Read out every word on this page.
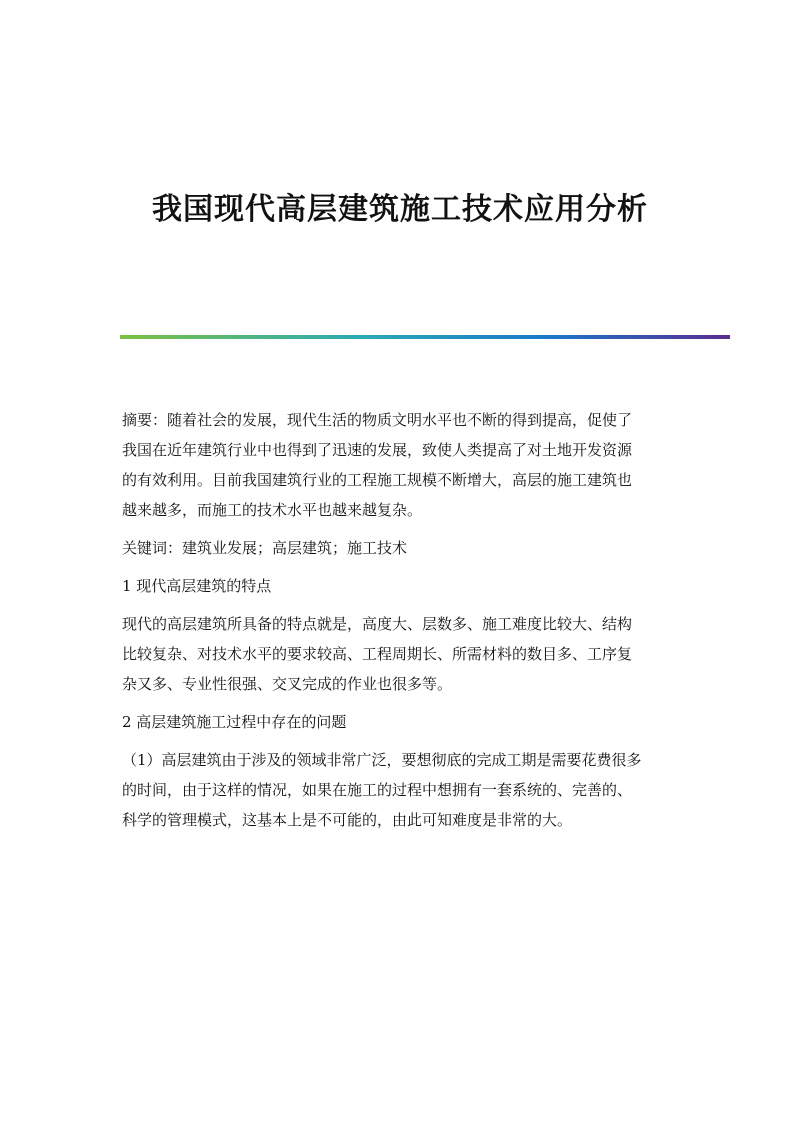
我国现代高层建筑施工技术应用分析

摘要：随着社会的发展，现代生活的物质文明水平也不断的得到提高，促使了
我国在近年建筑行业中也得到了迅速的发展，致使人类提高了对土地开发资源
的有效利用。目前我国建筑行业的工程施工规模不断增大，高层的施工建筑也
越来越多，而施工的技术水平也越来越复杂。

关键词：建筑业发展；高层建筑；施工技术

1 现代高层建筑的特点

现代的高层建筑所具备的特点就是，高度大、层数多、施工难度比较大、结构
比较复杂、对技术水平的要求较高、工程周期长、所需材料的数目多、工序复
杂又多、专业性很强、交叉完成的作业也很多等。

2 高层建筑施工过程中存在的问题

（1）高层建筑由于涉及的领域非常广泛，要想彻底的完成工期是需要花费很多
的时间，由于这样的情况，如果在施工的过程中想拥有一套系统的、完善的、
科学的管理模式，这基本上是不可能的，由此可知难度是非常的大。
